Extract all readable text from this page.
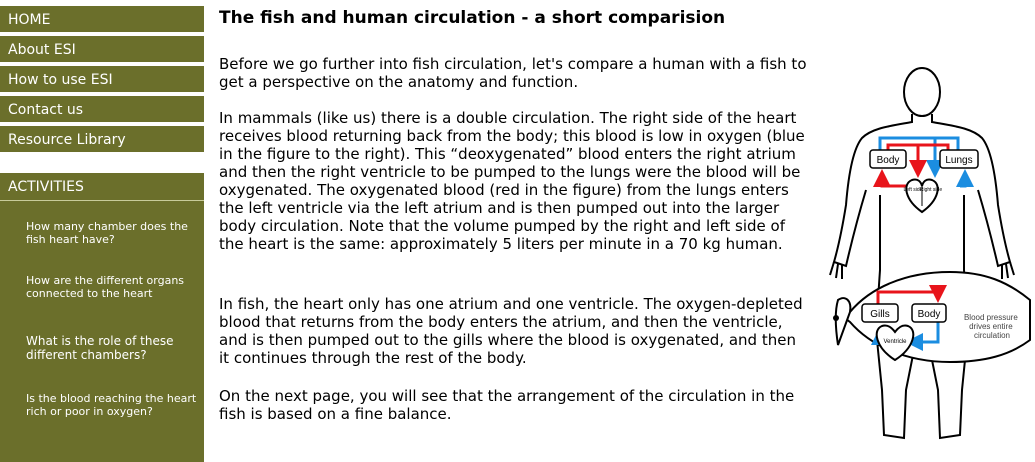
HOME
About ESI
How to use ESI
Contact us
Resource Library
ACTIVITIES
How many chamber does the fish heart have?
How are the different organs connected to the heart
What is the role of these different chambers?
Is the blood reaching the heart rich or poor in oxygen?
The fish and human circulation - a short comparision

Before we go further into fish circulation, let's compare a human with a fish to get a perspective on the anatomy and function.

In mammals (like us) there is a double circulation. The right side of the heart receives blood returning back from the body; this blood is low in oxygen (blue in the figure to the right). This “deoxygenated” blood enters the right atrium and then the right ventricle to be pumped to the lungs were the blood will be oxygenated. The oxygenated blood (red in the figure) from the lungs enters the left ventricle via the left atrium and is then pumped out into the larger body circulation. Note that the volume pumped by the right and left side of the heart is the same: approximately 5 liters per minute in a 70 kg human.

In fish, the heart only has one atrium and one ventricle. The oxygen-depleted blood that returns from the body enters the atrium, and then the ventricle, and is then pumped out to the gills where the blood is oxygenated, and then it continues through the rest of the body.

On the next page, you will see that the arrangement of the circulation in the fish is based on a fine balance.

Body	Lungs
Left side
Right side
Gills	Body
Ventricle
Blood pressure drives entire circulation
